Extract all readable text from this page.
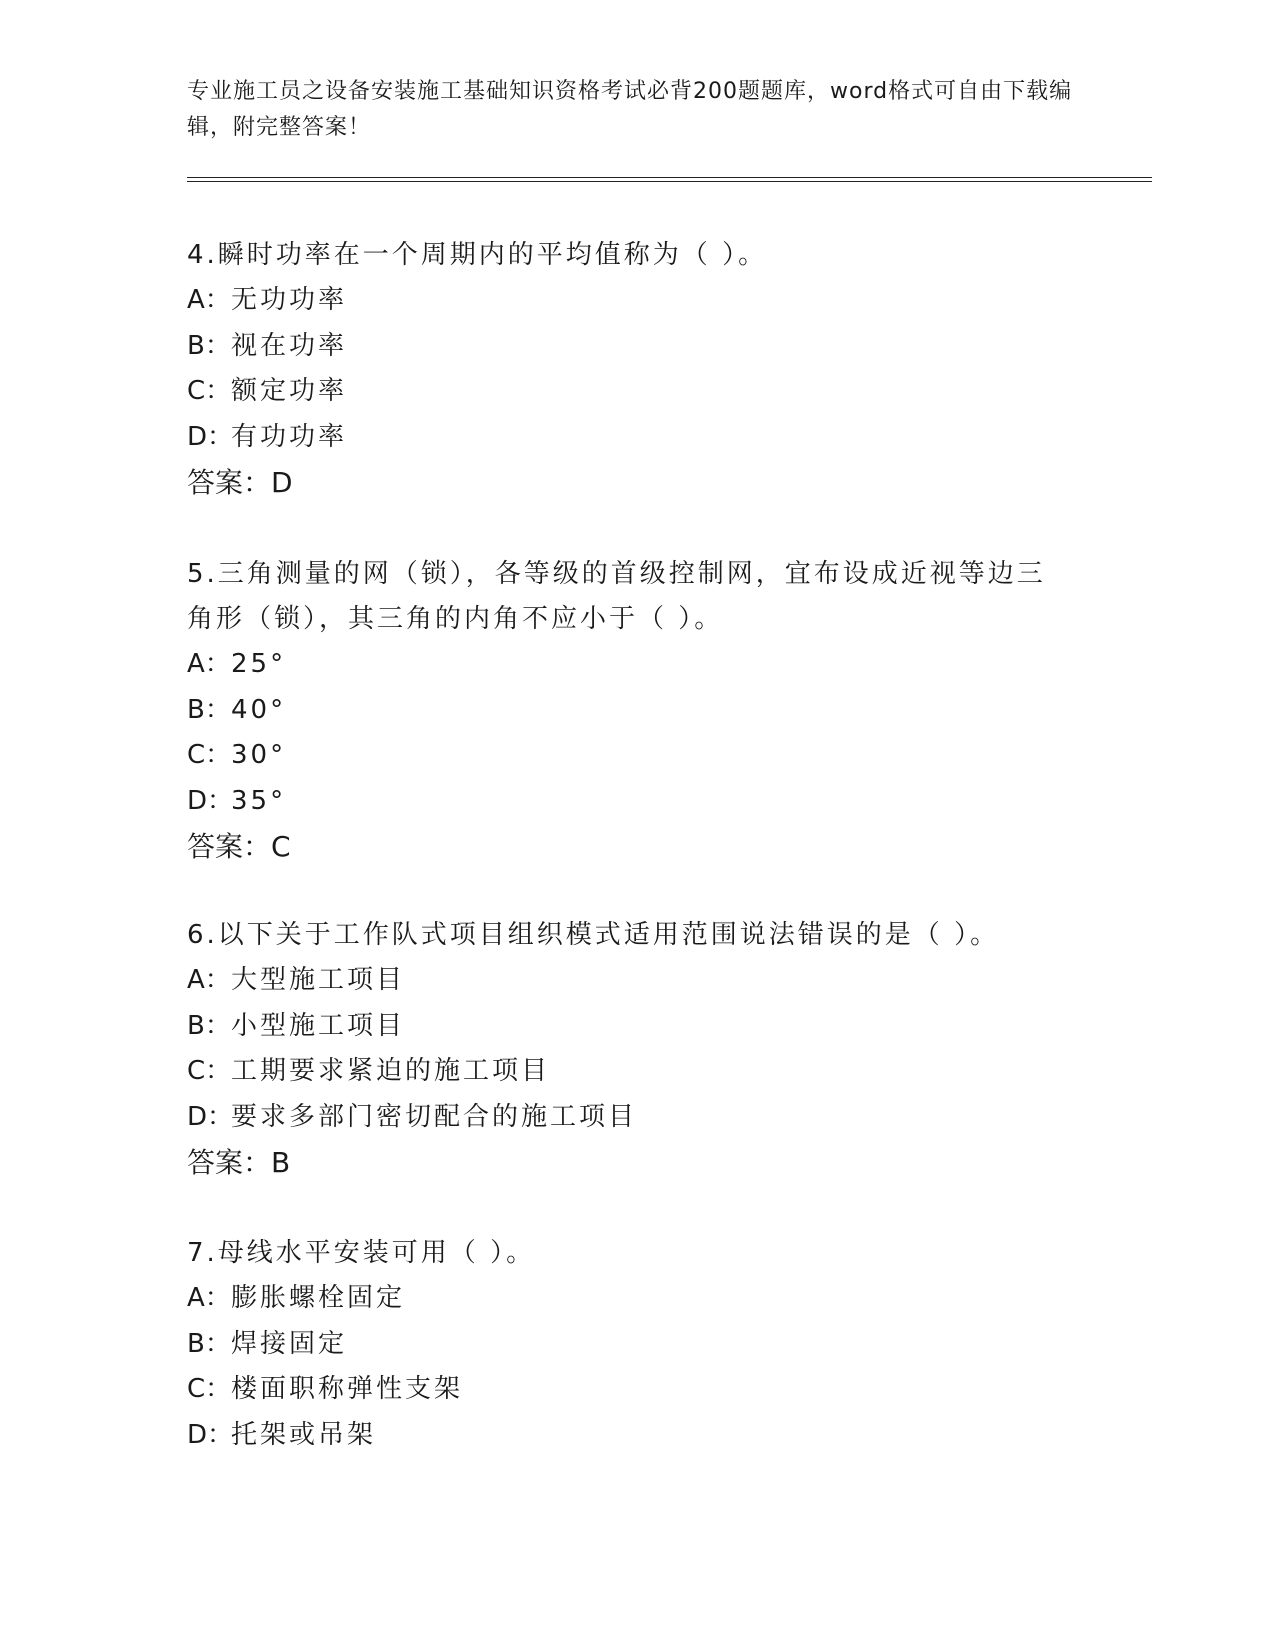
专业施工员之设备安装施工基础知识资格考试必背200题题库，word格式可自由下载编辑，附完整答案！
4.瞬时功率在一个周期内的平均值称为（ ）。
A：无功功率
B：视在功率
C：额定功率
D：有功功率
答案：D
5.三角测量的网（锁），各等级的首级控制网，宜布设成近视等边三角形（锁），其三角的内角不应小于（ ）。
A：25°
B：40°
C：30°
D：35°
答案：C
6.以下关于工作队式项目组织模式适用范围说法错误的是（ ）。
A：大型施工项目
B：小型施工项目
C：工期要求紧迫的施工项目
D：要求多部门密切配合的施工项目
答案：B
7.母线水平安装可用（ ）。
A：膨胀螺栓固定
B：焊接固定
C：楼面职称弹性支架
D：托架或吊架
